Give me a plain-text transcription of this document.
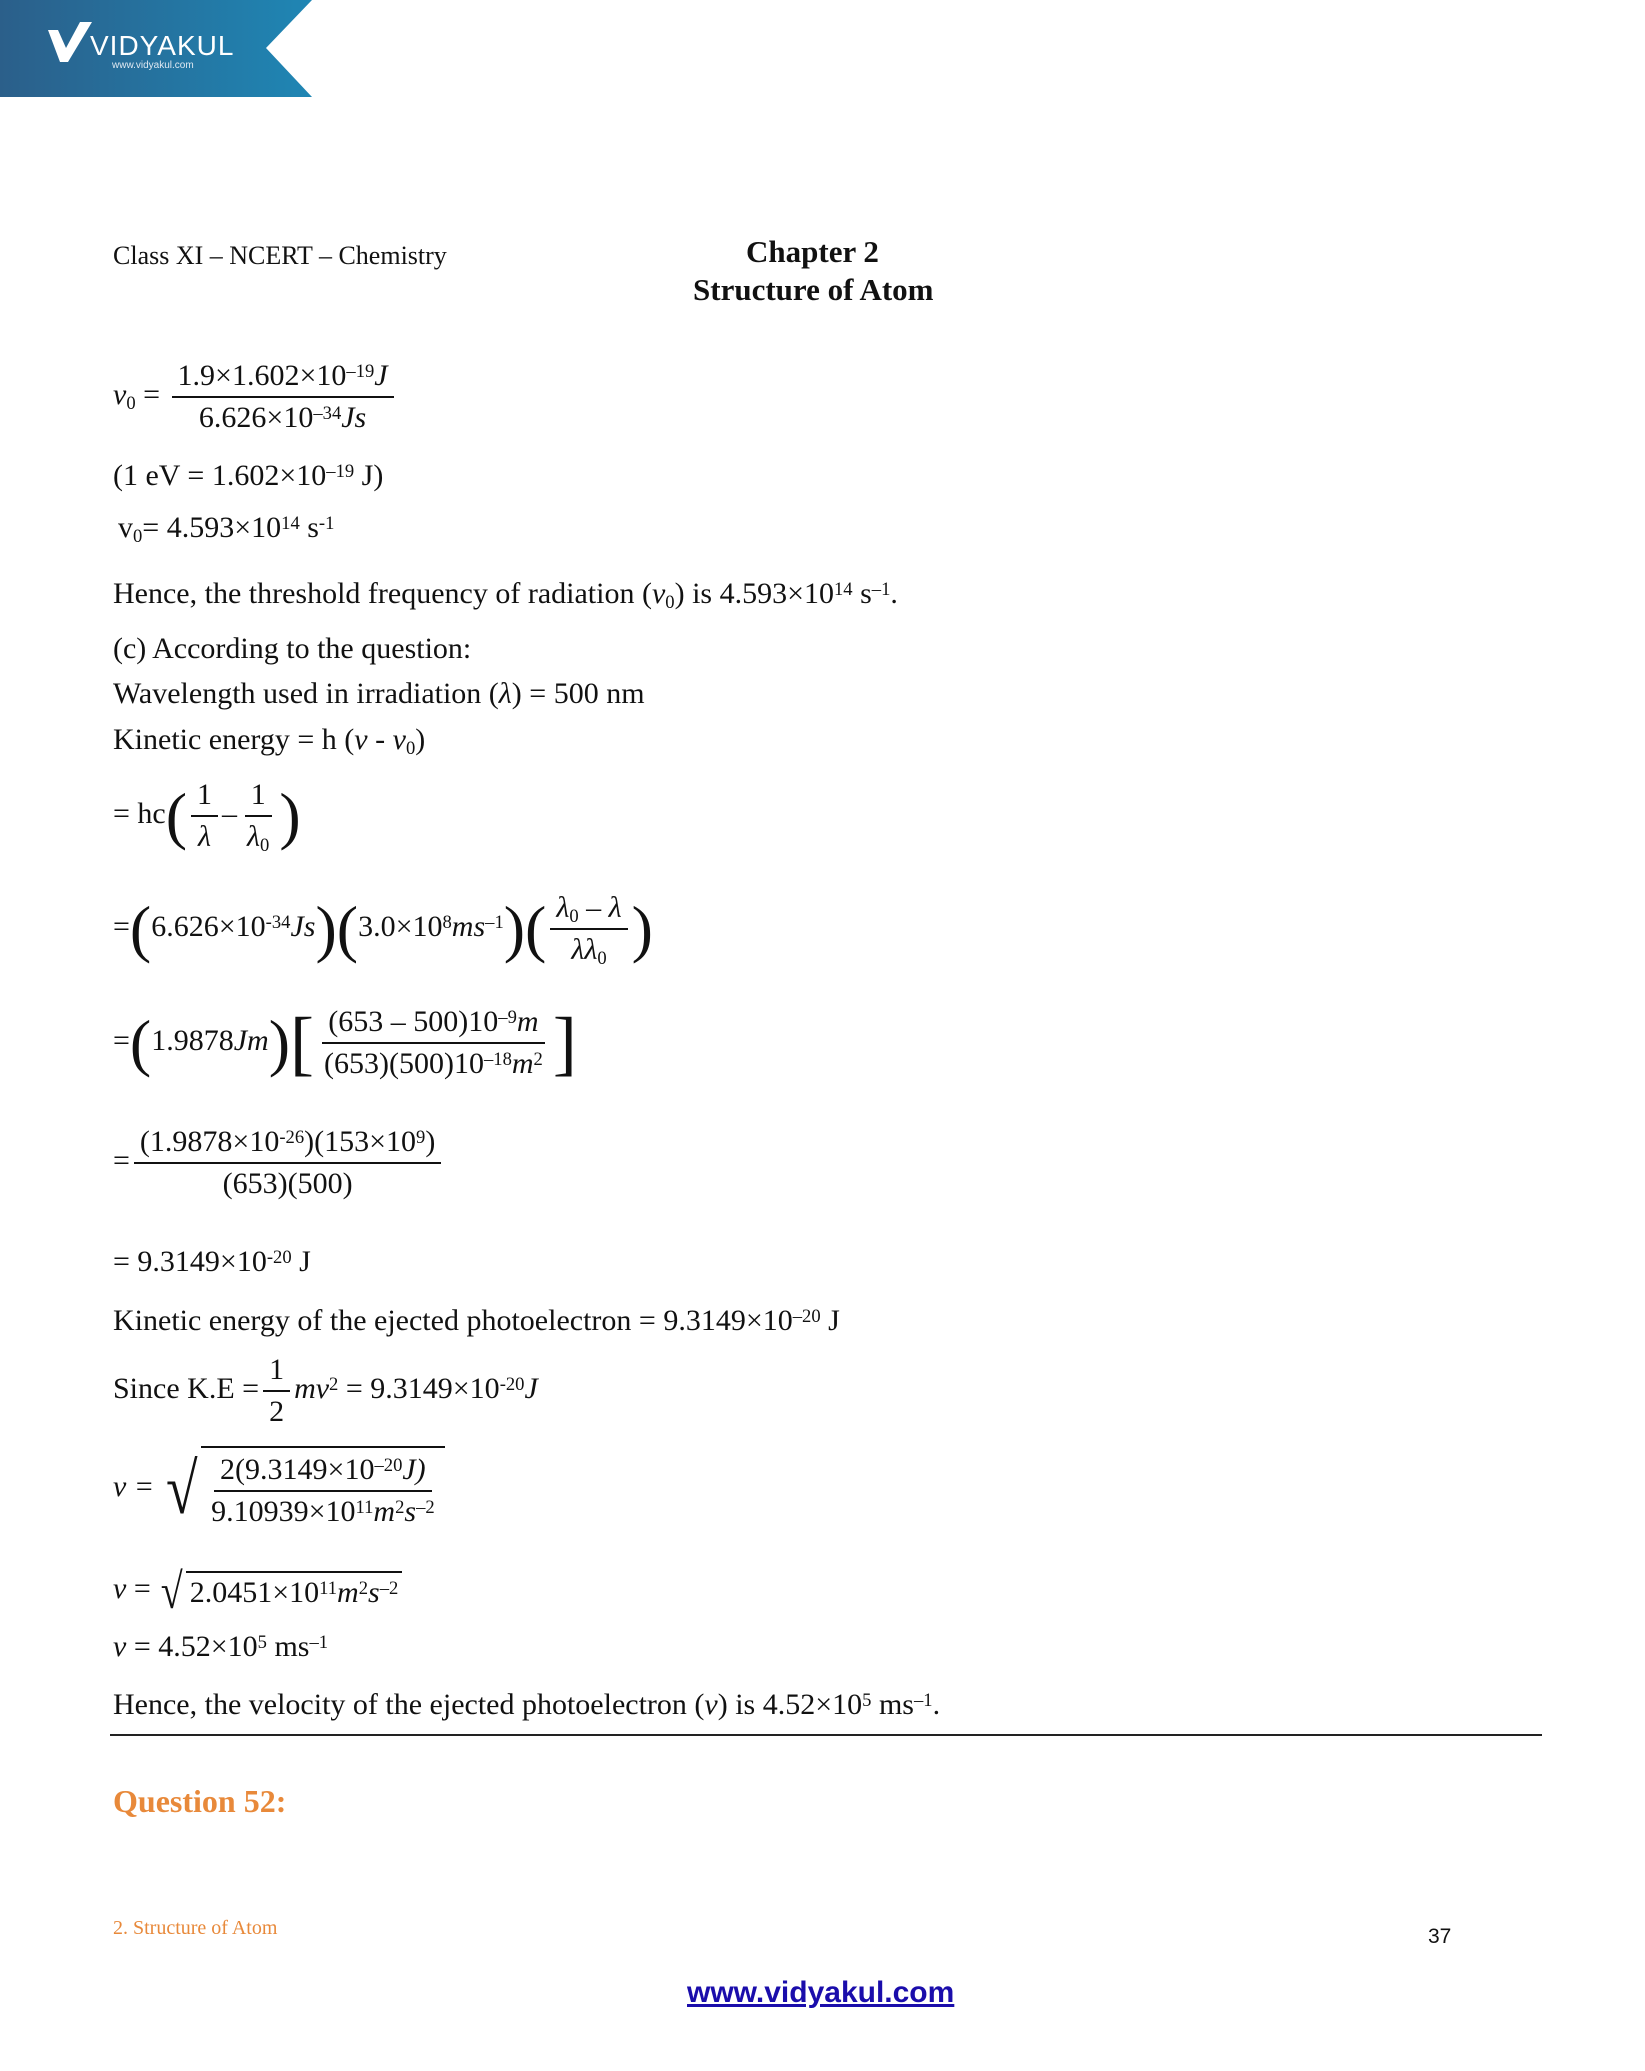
VIDYAKUL
www.vidyakul.com
Class XI – NCERT – Chemistry	Chapter 2
Structure of Atom
$v_0 = \frac{1.9\times 1.602\times 10^{-19}J}{6.626\times 10^{-34}Js}$
(1 eV = $1.602\times 10^{-19}$ J)
$v_0= 4.593\times 10^{14}$ $s^{-1}$
Hence, the threshold frequency of radiation $(v_0)$ is $4.593\times 10^{14}$ $s^{-1}$.
(c) According to the question:
Wavelength used in irradiation (λ) = 500 nm
Kinetic energy = h $(v - v_0)$
= $hc( \frac{1}{\lambda} - \frac{1}{\lambda_0}$ )
$=(6.626\times 10^{-34}Js)(3.0\times 10^8ms^{-1})( \frac{\lambda_0 - \lambda}{\lambda\lambda_0}$ )
$=(1.9878Jm)[ \frac{(653 - 500)10^{-9}m}{(653)(500)10^{-18}m^2}$ ]
= $\frac{(1.9878\times 10^{-26})(153\times 10^9)}{(653)(500)}$
= $9.3149\times 10^{-20}$ J
Kinetic energy of the ejected photoelectron = $9.3149\times 10^{-20}$ J
Since $K.E = \frac{1}{2} mv^2 = 9.3149\times 10^{-20}J$
v = √ $\frac{2(9.3149\times 10^{-20}J)}{9.10939\times 10^{11}m^2s^{-2}}$
v = √ $2.0451\times 10^{11}m^2s^{-2}$
$v = 4.52\times 10^5$ $ms^{-1}$
Hence, the velocity of the ejected photoelectron (v) is $4.52\times 10^5$ $ms^{-1}$.
Question 52:
2. Structure of Atom	37
www.vidyakul.com
